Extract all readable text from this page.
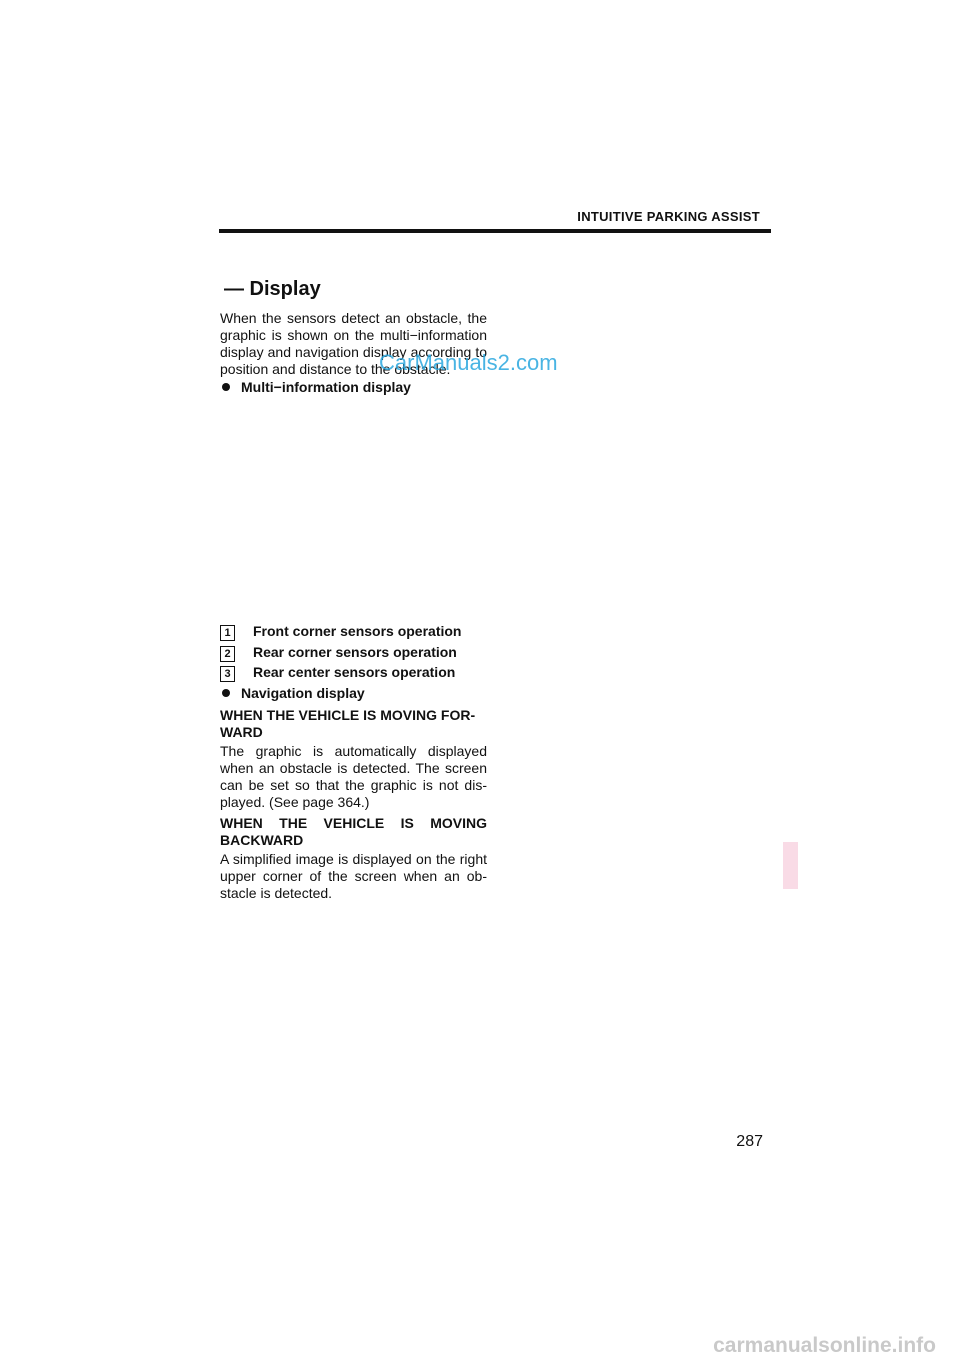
INTUITIVE PARKING ASSIST
— Display

When the sensors detect an obstacle, the graphic is shown on the multi−information display and navigation display according to position and distance to the obstacle.

CarManuals2.com
Multi−information display
1 Front corner sensors operation
2 Rear corner sensors operation
3 Rear center sensors operation
Navigation display
WHEN THE VEHICLE IS MOVING FOR-
WARD

The graphic is automatically displayed when an obstacle is detected. The screen can be set so that the graphic is not dis- played. (See page 364.)

WHEN THE VEHICLE IS MOVING
BACKWARD

A simplified image is displayed on the right upper corner of the screen when an ob- stacle is detected.

287
carmanualsonline.info
